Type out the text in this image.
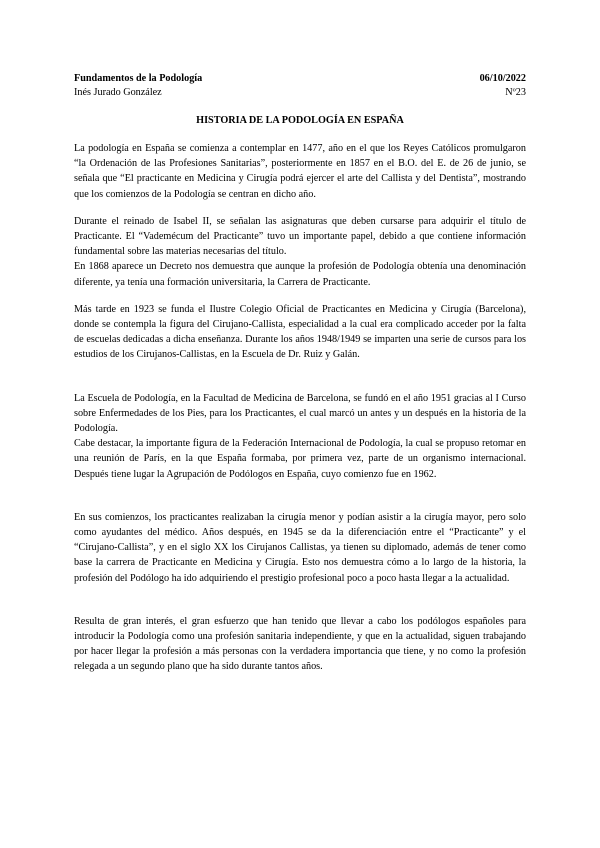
Fundamentos de la Podología	06/10/2022
Inés Jurado González	Nº23
HISTORIA DE LA PODOLOGÍA EN ESPAÑA

La podología en España se comienza a contemplar en 1477, año en el que los Reyes Católicos promulgaron “la Ordenación de las Profesiones Sanitarias”, posteriormente en 1857 en el B.O. del E. de 26 de junio, se señala que “El practicante en Medicina y Cirugía podrá ejercer el arte del Callista y del Dentista”, mostrando que los comienzos de la Podología se centran en dicho año.

Durante el reinado de Isabel II, se señalan las asignaturas que deben cursarse para adquirir el título de Practicante. El “Vademécum del Practicante” tuvo un importante papel, debido a que contiene información fundamental sobre las materias necesarias del título.

En 1868 aparece un Decreto nos demuestra que aunque la profesión de Podología obtenía una denominación diferente, ya tenía una formación universitaria, la Carrera de Practicante.

Más tarde en 1923 se funda el Ilustre Colegio Oficial de Practicantes en Medicina y Cirugía (Barcelona), donde se contempla la figura del Cirujano-Callista, especialidad a la cual era complicado acceder por la falta de escuelas dedicadas a dicha enseñanza. Durante los años 1948/1949 se imparten una serie de cursos para los estudios de los Cirujanos-Callistas, en la Escuela de Dr. Ruiz y Galán.

La Escuela de Podología, en la Facultad de Medicina de Barcelona, se fundó en el año 1951 gracias al I Curso sobre Enfermedades de los Pies, para los Practicantes, el cual marcó un antes y un después en la historia de la Podología.

Cabe destacar, la importante figura de la Federación Internacional de Podología, la cual se propuso retomar en una reunión de París, en la que España formaba, por primera vez, parte de un organismo internacional. Después tiene lugar la Agrupación de Podólogos en España, cuyo comienzo fue en 1962.

En sus comienzos, los practicantes realizaban la cirugía menor y podían asistir a la cirugía mayor, pero solo como ayudantes del médico. Años después, en 1945 se da la diferenciación entre el “Practicante” y el “Cirujano-Callista”, y en el siglo XX los Cirujanos Callistas, ya tienen su diplomado, además de tener como base la carrera de Practicante en Medicina y Cirugía. Esto nos demuestra cómo a lo largo de la historia, la profesión del Podólogo ha ido adquiriendo el prestigio profesional poco a poco hasta llegar a la actualidad.

Resulta de gran interés, el gran esfuerzo que han tenido que llevar a cabo los podólogos españoles para introducir la Podología como una profesión sanitaria independiente, y que en la actualidad, siguen trabajando por hacer llegar la profesión a más personas con la verdadera importancia que tiene, y no como la profesión relegada a un segundo plano que ha sido durante tantos años.
